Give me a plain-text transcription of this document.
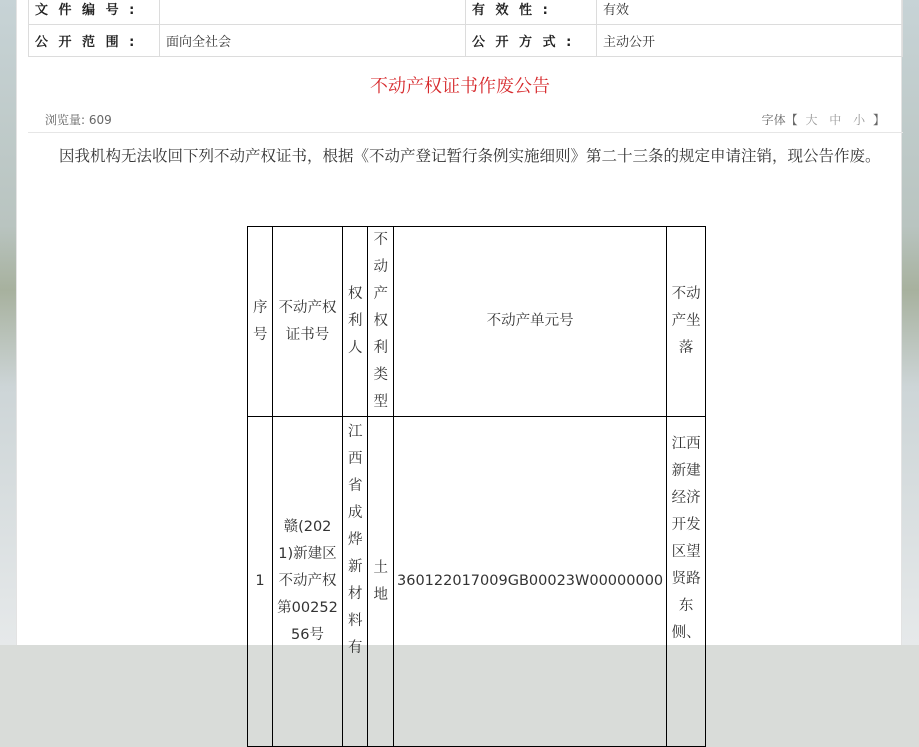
文 件 编 号 :		有 效 性 :	有效
公 开 范 围 :	面向全社会	公 开 方 式 :	主动公开
不动产权证书作废公告
浏览量: 609	字体【 大 中 小 】

因我机构无法收回下列不动产权证书，根据《不动产登记暂行条例实施细则》第二十三条的规定申请注销，现公告作废。

序号	不动产权证书号	权利人	不动产权利类型	不动产单元号	不动产坐落

1	赣(2021)新建区不动产权第0025256号	江西省成烨新材料有	土地	360122017009GB00023W00000000	江西新建经济开发区望贤路东侧、
